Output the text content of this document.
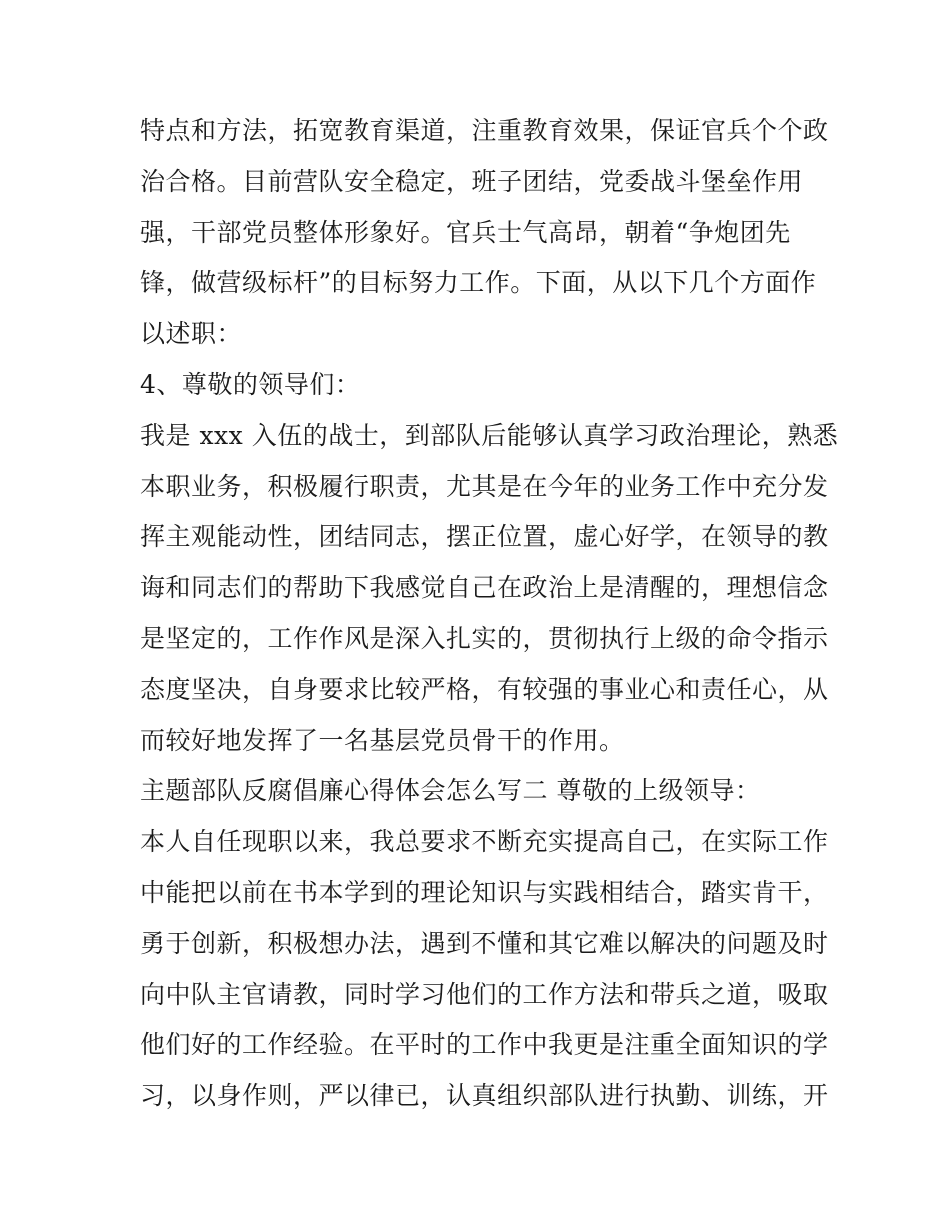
特点和方法，拓宽教育渠道，注重教育效果，保证官兵个个政
治合格。目前营队安全稳定，班子团结，党委战斗堡垒作用
强，干部党员整体形象好。官兵士气高昂，朝着“争炮团先
锋，做营级标杆”的目标努力工作。下面，从以下几个方面作
以述职：
4、尊敬的领导们：
我是 xxx 入伍的战士，到部队后能够认真学习政治理论，熟悉
本职业务，积极履行职责，尤其是在今年的业务工作中充分发
挥主观能动性，团结同志，摆正位置，虚心好学，在领导的教
诲和同志们的帮助下我感觉自己在政治上是清醒的，理想信念
是坚定的，工作作风是深入扎实的，贯彻执行上级的命令指示
态度坚决，自身要求比较严格，有较强的事业心和责任心，从
而较好地发挥了一名基层党员骨干的作用。
主题部队反腐倡廉心得体会怎么写二 尊敬的上级领导：
本人自任现职以来，我总要求不断充实提高自己，在实际工作
中能把以前在书本学到的理论知识与实践相结合，踏实肯干，
勇于创新，积极想办法，遇到不懂和其它难以解决的问题及时
向中队主官请教，同时学习他们的工作方法和带兵之道，吸取
他们好的工作经验。在平时的工作中我更是注重全面知识的学
习，以身作则，严以律已，认真组织部队进行执勤、训练，开
